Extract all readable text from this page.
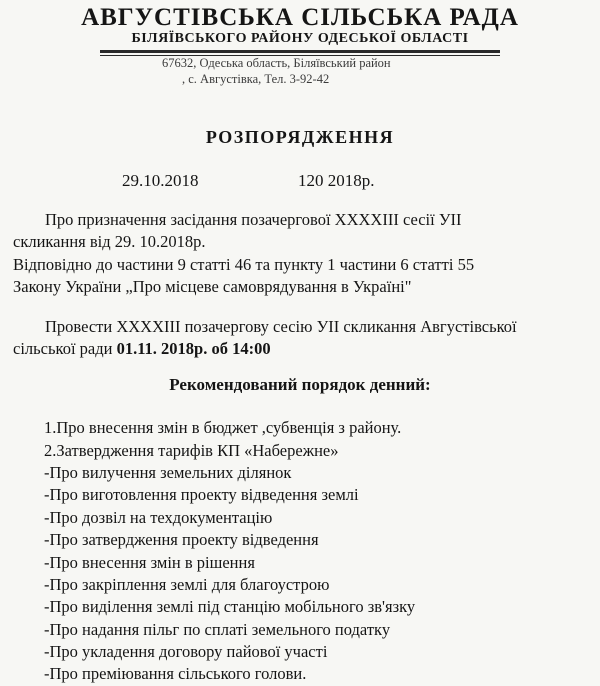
АВГУСТІВСЬКА СІЛЬСЬКА РАДА
БІЛЯЇВСЬКОГО РАЙОНУ ОДЕСЬКОЇ ОБЛАСТІ
67632, Одеська область, Біляївський район
, с. Августівка, Тел. 3-92-42
РОЗПОРЯДЖЕННЯ
29.10.2018	120 2018р.
Про призначення засідання позачергової XXXXIII сесії УІІ
скликання від 29. 10.2018р.
Відповідно до частини 9 статті 46 та пункту 1 частини 6 статті 55
Закону України „Про місцеве самоврядування в Україні"
Провести XXXXIII позачергову сесію УІІ скликання Августівської
сільської ради 01.11. 2018р. об 14:00
Рекомендований порядок денний:
1.Про внесення змін в бюджет ,субвенція з району.
2.Затвердження тарифів КП «Набережне»
-Про вилучення земельних ділянок
-Про виготовлення проекту відведення землі
-Про дозвіл на техдокументацію
-Про затвердження проекту відведення
-Про внесення змін в рішення
-Про закріплення землі для благоустрою
-Про виділення землі під станцію мобільного зв'язку
-Про надання пільг по сплаті земельного податку
-Про укладення договору пайової участі
-Про преміювання сільського голови.
